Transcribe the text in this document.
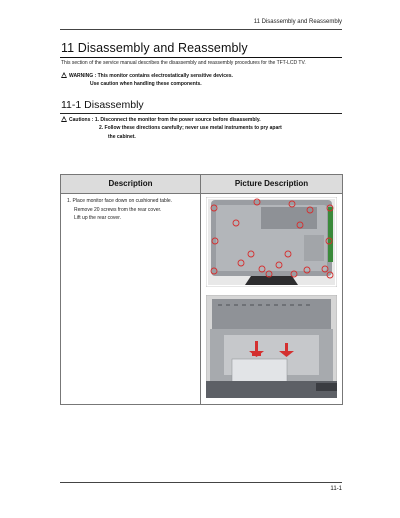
11 Disassembly and Reassembly
11 Disassembly and Reassembly
This section of the service manual describes the disassembly and reassembly procedures for the TFT-LCD TV.
WARNING : This monitor contains electrostatically sensitive devices.
Use caution when handling these components.
11-1 Disassembly
Cautions : 1. Disconnect the monitor from the power source before disassembly.
2. Follow these directions carefully; never use metal instruments to pry apart
the cabinet.
Description	Picture Description
1. Place monitor face down on cushioned table.
Remove 20 screws from the rear cover.
Lift up the rear cover.
11-1
